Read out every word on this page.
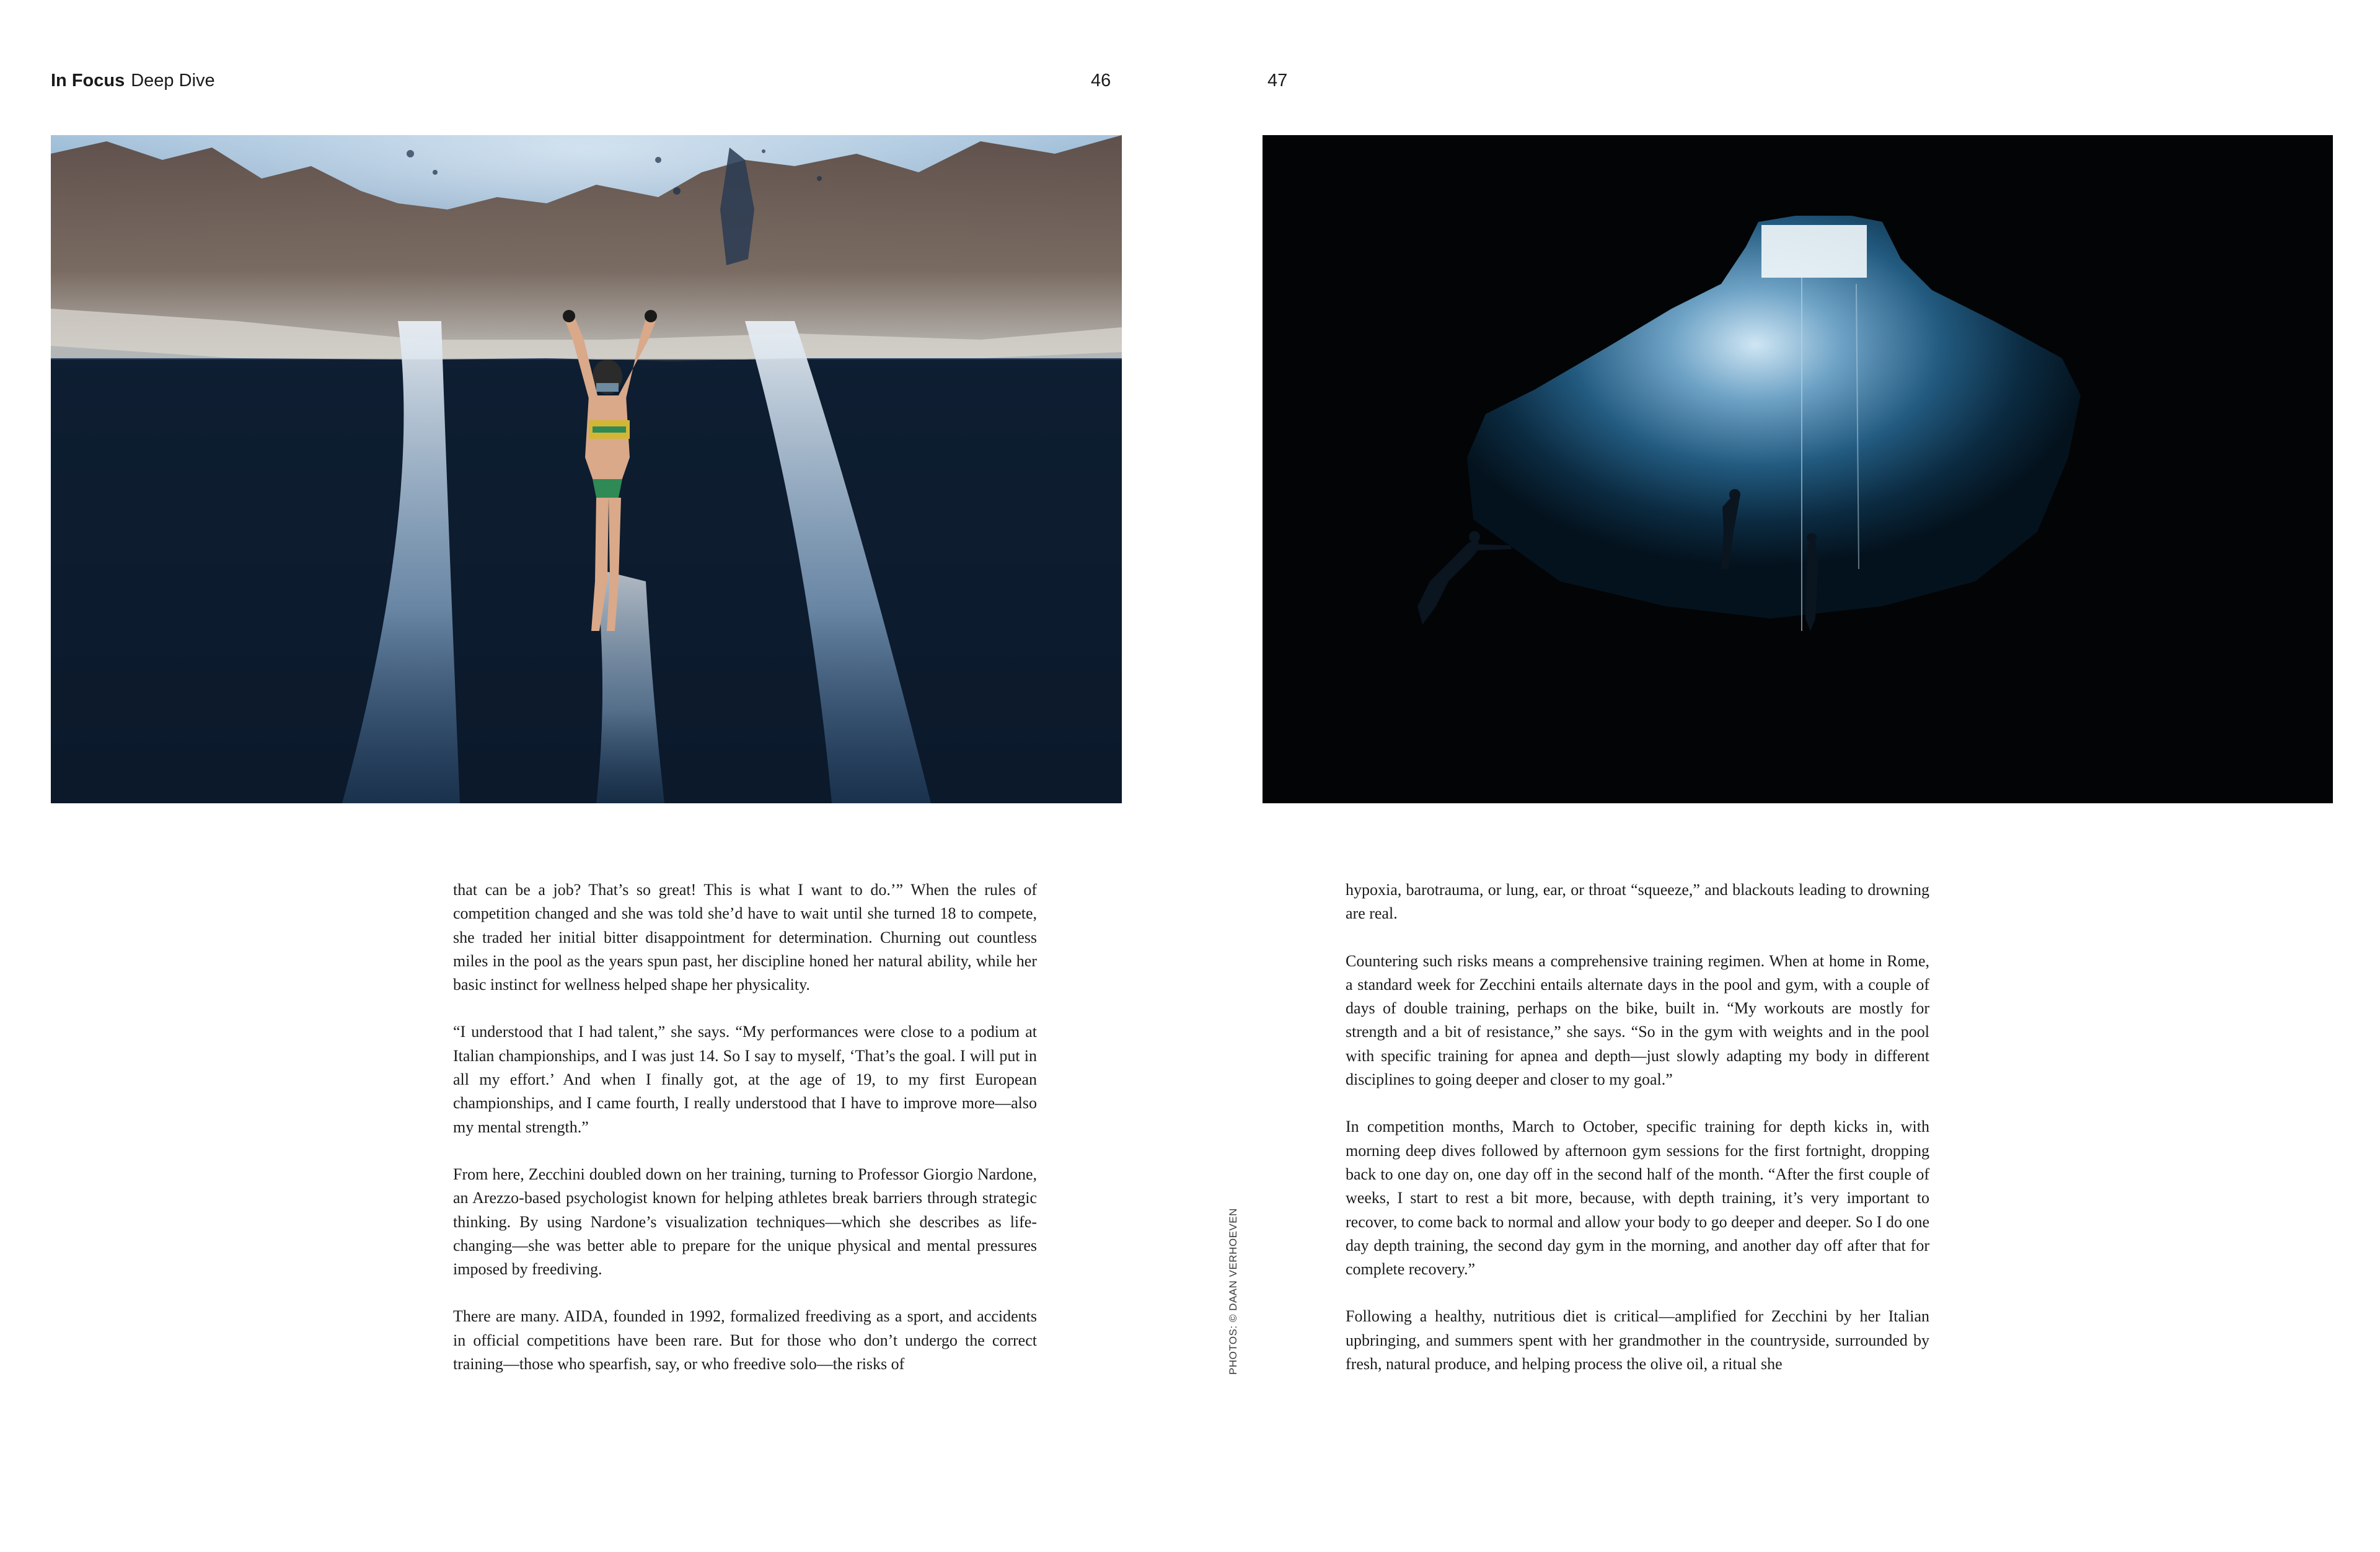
In Focus Deep Dive	46

that can be a job? That’s so great! This is what I want to do.’” When the rules of competition changed and she was told she’d have to wait until she turned 18 to compete, she traded her initial bitter disappointment for determination. Churning out countless miles in the pool as the years spun past, her discipline honed her natural ability, while her basic instinct for wellness helped shape her physicality.

“I understood that I had talent,” she says. “My performances were close to a podium at Italian championships, and I was just 14. So I say to myself, ‘That’s the goal. I will put in all my effort.’ And when I finally got, at the age of 19, to my first European championships, and I came fourth, I really understood that I have to improve more—also my mental strength.”

From here, Zecchini doubled down on her training, turning to Professor Giorgio Nardone, an Arezzo-based psychologist known for helping athletes break barriers through strategic thinking. By using Nardone’s visualization techniques—which she describes as life-changing—she was better able to prepare for the unique physical and mental pressures imposed by freediving.

There are many. AIDA, founded in 1992, formalized freediving as a sport, and accidents in official competitions have been rare. But for those who don’t undergo the correct training—those who spearfish, say, or who freedive solo—the risks of	PHOTOS: © DAAN VERHOEVEN
47

hypoxia, barotrauma, or lung, ear, or throat “squeeze,” and blackouts leading to drowning are real.

Countering such risks means a comprehensive training regimen. When at home in Rome, a standard week for Zecchini entails alternate days in the pool and gym, with a couple of days of double training, perhaps on the bike, built in. “My workouts are mostly for strength and a bit of resistance,” she says. “So in the gym with weights and in the pool with specific training for apnea and depth—just slowly adapting my body in different disciplines to going deeper and closer to my goal.”

In competition months, March to October, specific training for depth kicks in, with morning deep dives followed by afternoon gym sessions for the first fortnight, dropping back to one day on, one day off in the second half of the month. “After the first couple of weeks, I start to rest a bit more, because, with depth training, it’s very important to recover, to come back to normal and allow your body to go deeper and deeper. So I do one day depth training, the second day gym in the morning, and another day off after that for complete recovery.”

Following a healthy, nutritious diet is critical—amplified for Zecchini by her Italian upbringing, and summers spent with her grandmother in the countryside, surrounded by fresh, natural produce, and helping process the olive oil, a ritual she
